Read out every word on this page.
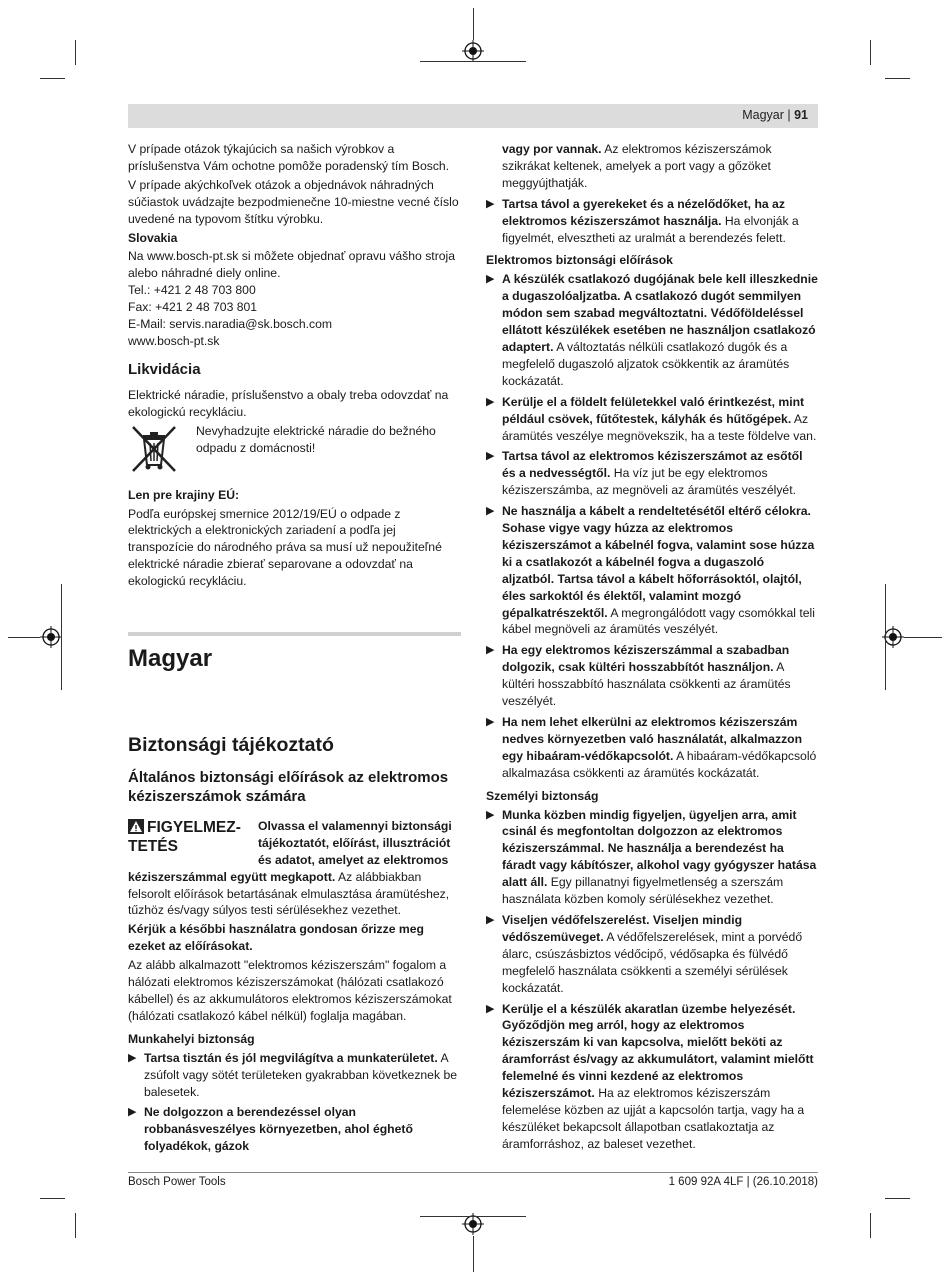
Magyar | 91

V prípade otázok týkajúcich sa našich výrobkov a príslušenstva Vám ochotne pomôže poradenský tím Bosch.

V prípade akýchkoľvek otázok a objednávok náhradných súčiastok uvádzajte bezpodmienečne 10-miestne vecné číslo uvedené na typovom štítku výrobku.

Slovakia

Na www.bosch-pt.sk si môžete objednať opravu vášho stroja alebo náhradné diely online.

Tel.: +421 2 48 703 800

Fax: +421 2 48 703 801

E-Mail: servis.naradia@sk.bosch.com

www.bosch-pt.sk

Likvidácia

Elektrické náradie, príslušenstvo a obaly treba odovzdať na ekologickú recykláciu.

Nevyhadzujte elektrické náradie do bežného odpadu z domácnosti!

Len pre krajiny EÚ:

Podľa európskej smernice 2012/19/EÚ o odpade z elektrických a elektronických zariadení a podľa jej transpozície do národného práva sa musí už nepoužiteľné elektrické náradie zbierať separovane a odovzdať na ekologickú recykláciu.

Magyar
Biztonsági tájékoztató
Általános biztonsági előírások az elektromos kéziszerszámok számára
FIGYELMEZ-TETÉS

Olvassa el valamennyi biztonsági tájékoztatót, előírást, illusztrációt és adatot, amelyet az elektromos kéziszerszámmal együtt megkapott. Az alábbiakban felsorolt előírások betartásának elmulasztása áramütéshez, tűzhöz és/vagy súlyos testi sérülésekhez vezethet.

Kérjük a későbbi használatra gondosan őrizze meg ezeket az előírásokat.

Az alább alkalmazott "elektromos kéziszerszám" fogalom a hálózati elektromos kéziszerszámokat (hálózati csatlakozó kábellel) és az akkumulátoros elektromos kéziszerszámokat (hálózati csatlakozó kábel nélkül) foglalja magában.

Munkahelyi biztonság

▶ Tartsa tisztán és jól megvilágítva a munkaterületet. A zsúfolt vagy sötét területeken gyakrabban következnek be balesetek.
▶ Ne dolgozzon a berendezéssel olyan robbanásveszélyes környezetben, ahol éghető folyadékok, gázok
vagy por vannak. Az elektromos kéziszerszámok szikrákat keltenek, amelyek a port vagy a gőzöket meggyújthatják.
▶ Tartsa távol a gyerekeket és a nézelődőket, ha az elektromos kéziszerszámot használja. Ha elvonják a figyelmét, elvesztheti az uralmát a berendezés felett.

Elektromos biztonsági előírások

▶ A készülék csatlakozó dugójának bele kell illeszkednie a dugaszolóaljzatba. A csatlakozó dugót semmilyen módon sem szabad megváltoztatni. Védőföldeléssel ellátott készülékek esetében ne használjon csatlakozó adaptert. A változtatás nélküli csatlakozó dugók és a megfelelő dugaszoló aljzatok csökkentik az áramütés kockázatát.
▶ Kerülje el a földelt felületekkel való érintkezést, mint például csövek, fűtőtestek, kályhák és hűtőgépek. Az áramütés veszélye megnövekszik, ha a teste földelve van.
▶ Tartsa távol az elektromos kéziszerszámot az esőtől és a nedvességtől. Ha víz jut be egy elektromos kéziszerszámba, az megnöveli az áramütés veszélyét.
▶ Ne használja a kábelt a rendeltetésétől eltérő célokra. Sohase vigye vagy húzza az elektromos kéziszerszámot a kábelnél fogva, valamint sose húzza ki a csatlakozót a kábelnél fogva a dugaszoló aljzatból. Tartsa távol a kábelt hőforrásoktól, olajtól, éles sarkoktól és élektől, valamint mozgó gépalkatrészektől. A megrongálódott vagy csomókkal teli kábel megnöveli az áramütés veszélyét.
▶ Ha egy elektromos kéziszerszámmal a szabadban dolgozik, csak kültéri hosszabbítót használjon. A kültéri hosszabbító használata csökkenti az áramütés veszélyét.
▶ Ha nem lehet elkerülni az elektromos kéziszerszám nedves környezetben való használatát, alkalmazzon egy hibaáram-védőkapcsolót. A hibaáram-védőkapcsoló alkalmazása csökkenti az áramütés kockázatát.

Személyi biztonság

▶ Munka közben mindig figyeljen, ügyeljen arra, amit csinál és megfontoltan dolgozzon az elektromos kéziszerszámmal. Ne használja a berendezést ha fáradt vagy kábítószer, alkohol vagy gyógyszer hatása alatt áll. Egy pillanatnyi figyelmetlenség a szerszám használata közben komoly sérülésekhez vezethet.
▶ Viseljen védőfelszerelést. Viseljen mindig védőszemüveget. A védőfelszerelések, mint a porvédő álarc, csúszásbiztos védőcipő, védősapka és fülvédő megfelelő használata csökkenti a személyi sérülések kockázatát.
▶ Kerülje el a készülék akaratlan üzembe helyezését. Győződjön meg arról, hogy az elektromos kéziszerszám ki van kapcsolva, mielőtt beköti az áramforrást és/vagy az akkumulátort, valamint mielőtt felemelné és vinni kezdené az elektromos kéziszerszámot. Ha az elektromos kéziszerszám felemelése közben az ujját a kapcsolón tartja, vagy ha a készüléket bekapcsolt állapotban csatlakoztatja az áramforráshoz, az baleset vezethet.
Bosch Power Tools	1 609 92A 4LF | (26.10.2018)
